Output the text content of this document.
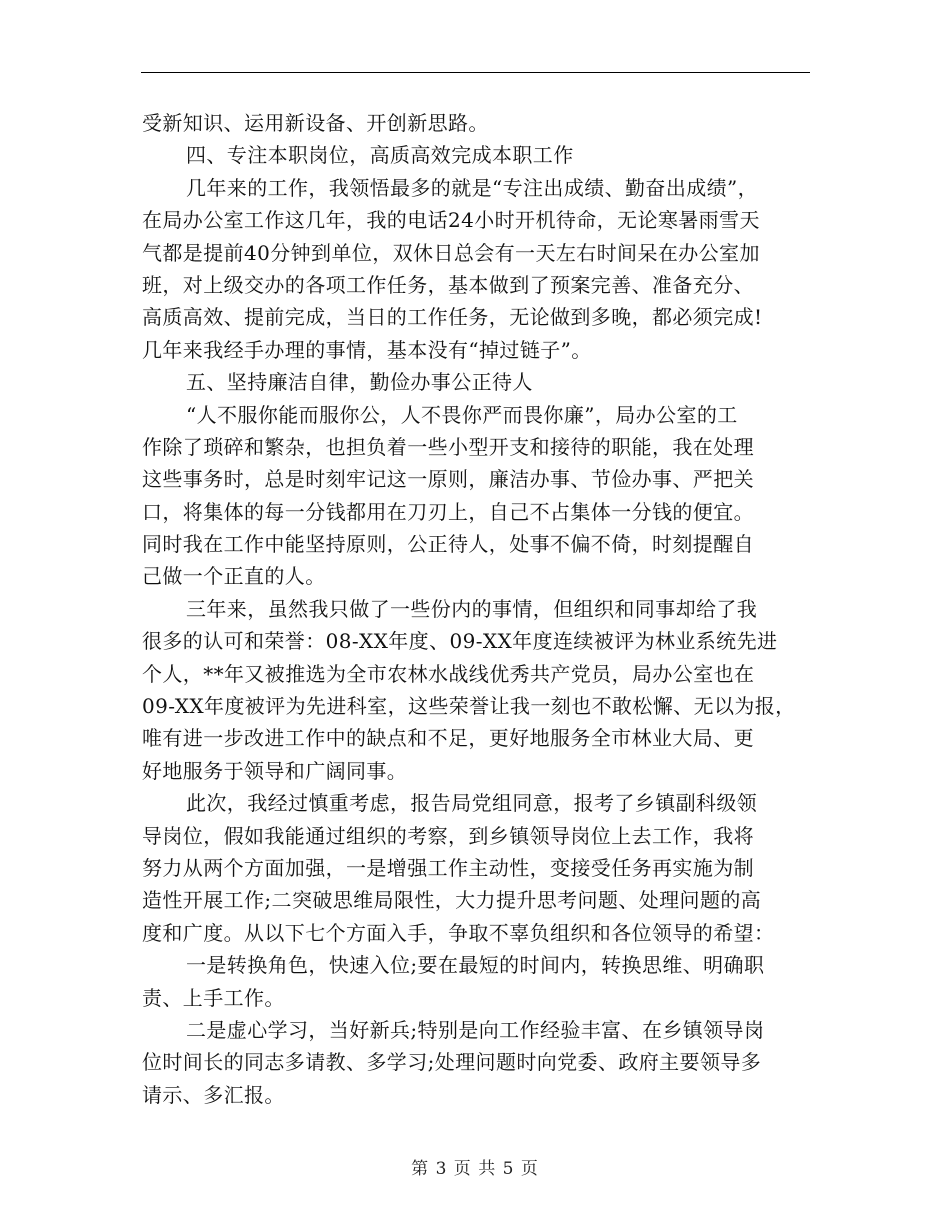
受新知识、运用新设备、开创新思路。
四、专注本职岗位，高质高效完成本职工作
几年来的工作，我领悟最多的就是“专注出成绩、勤奋出成绩”，
在局办公室工作这几年，我的电话24小时开机待命，无论寒暑雨雪天
气都是提前40分钟到单位，双休日总会有一天左右时间呆在办公室加
班，对上级交办的各项工作任务，基本做到了预案完善、准备充分、
高质高效、提前完成，当日的工作任务，无论做到多晚，都必须完成!
几年来我经手办理的事情，基本没有“掉过链子”。
五、坚持廉洁自律，勤俭办事公正待人
“人不服你能而服你公，人不畏你严而畏你廉”，局办公室的工
作除了琐碎和繁杂，也担负着一些小型开支和接待的职能，我在处理
这些事务时，总是时刻牢记这一原则，廉洁办事、节俭办事、严把关
口，将集体的每一分钱都用在刀刃上，自己不占集体一分钱的便宜。
同时我在工作中能坚持原则，公正待人，处事不偏不倚，时刻提醒自
己做一个正直的人。
三年来，虽然我只做了一些份内的事情，但组织和同事却给了我
很多的认可和荣誉：08-XX年度、09-XX年度连续被评为林业系统先进
个人，**年又被推选为全市农林水战线优秀共产党员，局办公室也在
09-XX年度被评为先进科室，这些荣誉让我一刻也不敢松懈、无以为报，
唯有进一步改进工作中的缺点和不足，更好地服务全市林业大局、更
好地服务于领导和广阔同事。
此次，我经过慎重考虑，报告局党组同意，报考了乡镇副科级领
导岗位，假如我能通过组织的考察，到乡镇领导岗位上去工作，我将
努力从两个方面加强，一是增强工作主动性，变接受任务再实施为制
造性开展工作;二突破思维局限性，大力提升思考问题、处理问题的高
度和广度。从以下七个方面入手，争取不辜负组织和各位领导的希望：
一是转换角色，快速入位;要在最短的时间内，转换思维、明确职
责、上手工作。
二是虚心学习，当好新兵;特别是向工作经验丰富、在乡镇领导岗
位时间长的同志多请教、多学习;处理问题时向党委、政府主要领导多
请示、多汇报。
第 3 页 共 5 页
